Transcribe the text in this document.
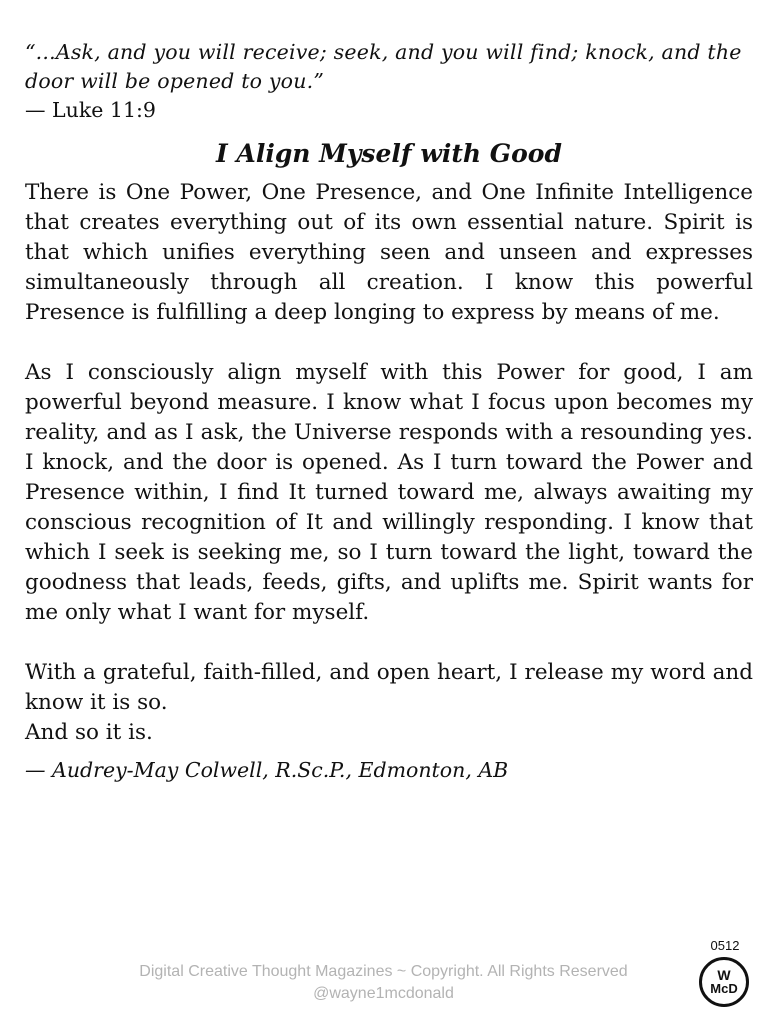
“...Ask, and you will receive; seek, and you will find; knock, and the door will be opened to you.”

— Luke 11:9

I Align Myself with Good

There is One Power, One Presence, and One Infinite Intelligence that creates everything out of its own essential nature. Spirit is that which unifies everything seen and unseen and expresses simultaneously through all creation. I know this powerful Presence is fulfilling a deep longing to express by means of me.

As I consciously align myself with this Power for good, I am powerful beyond measure. I know what I focus upon becomes my reality, and as I ask, the Universe responds with a resounding yes. I knock, and the door is opened. As I turn toward the Power and Presence within, I find It turned toward me, always awaiting my conscious recognition of It and willingly responding. I know that which I seek is seeking me, so I turn toward the light, toward the goodness that leads, feeds, gifts, and uplifts me. Spirit wants for me only what I want for myself.

With a grateful, faith-filled, and open heart, I release my word and know it is so.

And so it is.

— Audrey-May Colwell, R.Sc.P., Edmonton, AB
Digital Creative Thought Magazines ~ Copyright. All Rights Reserved
@wayne1mcdonald
0512
W
McD
